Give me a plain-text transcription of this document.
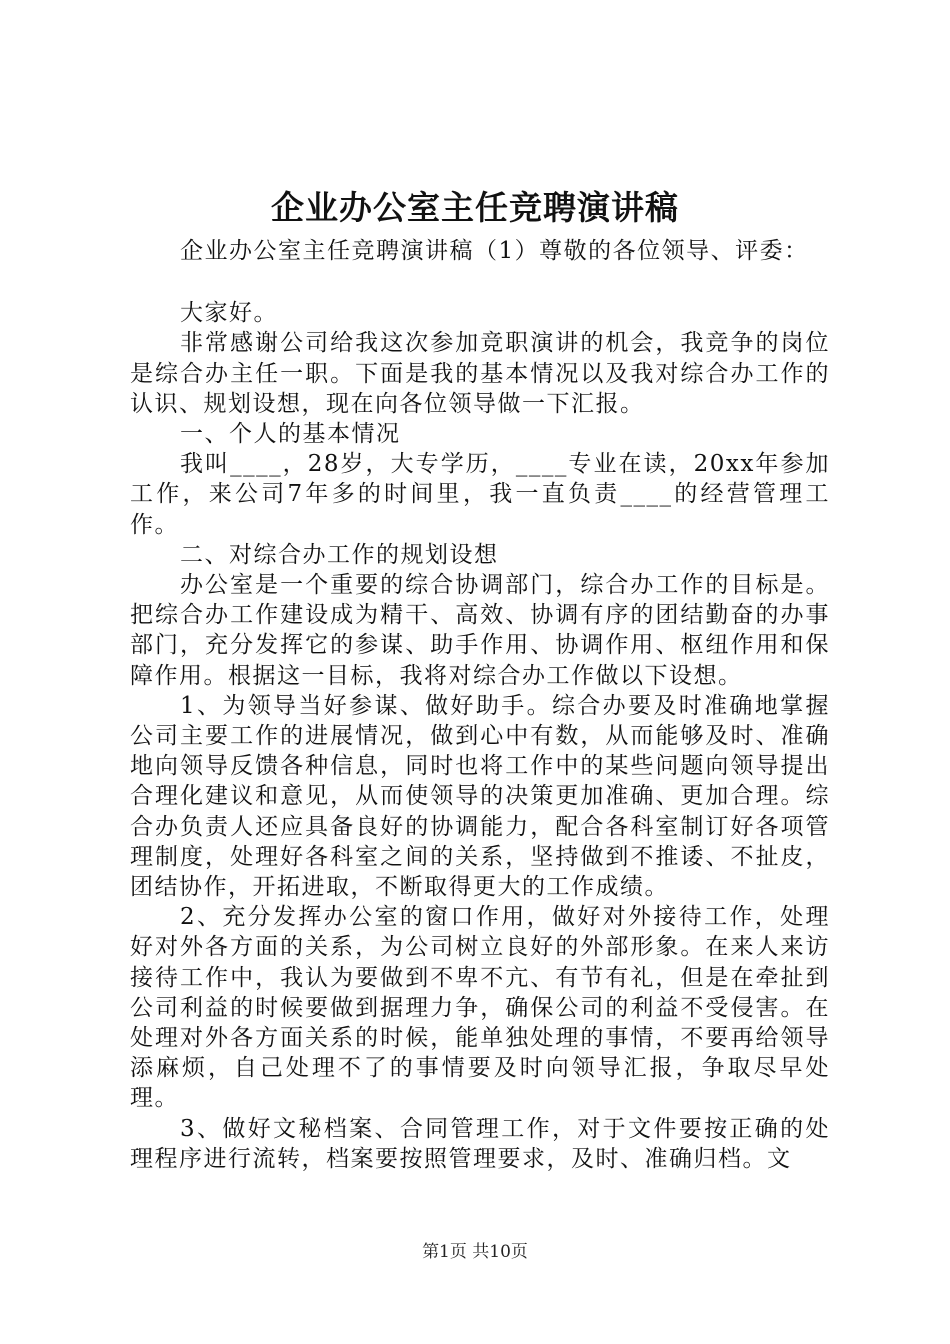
企业办公室主任竞聘演讲稿

企业办公室主任竞聘演讲稿（1）尊敬的各位领导、评委：

大家好。

非常感谢公司给我这次参加竞职演讲的机会，我竞争的岗位是综合办主任一职。下面是我的基本情况以及我对综合办工作的认识、规划设想，现在向各位领导做一下汇报。

一、个人的基本情况

我叫____，28岁，大专学历，____专业在读，20xx年参加工作，来公司7年多的时间里，我一直负责____的经营管理工作。

二、对综合办工作的规划设想

办公室是一个重要的综合协调部门，综合办工作的目标是。把综合办工作建设成为精干、高效、协调有序的团结勤奋的办事部门，充分发挥它的参谋、助手作用、协调作用、枢纽作用和保障作用。根据这一目标，我将对综合办工作做以下设想。

1、为领导当好参谋、做好助手。综合办要及时准确地掌握公司主要工作的进展情况，做到心中有数，从而能够及时、准确地向领导反馈各种信息，同时也将工作中的某些问题向领导提出合理化建议和意见，从而使领导的决策更加准确、更加合理。综合办负责人还应具备良好的协调能力，配合各科室制订好各项管理制度，处理好各科室之间的关系，坚持做到不推诿、不扯皮，团结协作，开拓进取，不断取得更大的工作成绩。

2、充分发挥办公室的窗口作用，做好对外接待工作，处理好对外各方面的关系，为公司树立良好的外部形象。在来人来访接待工作中，我认为要做到不卑不亢、有节有礼，但是在牵扯到公司利益的时候要做到据理力争，确保公司的利益不受侵害。在处理对外各方面关系的时候，能单独处理的事情，不要再给领导添麻烦，自己处理不了的事情要及时向领导汇报，争取尽早处理。

3、做好文秘档案、合同管理工作，对于文件要按正确的处理程序进行流转，档案要按照管理要求，及时、准确归档。文

第1页 共10页
